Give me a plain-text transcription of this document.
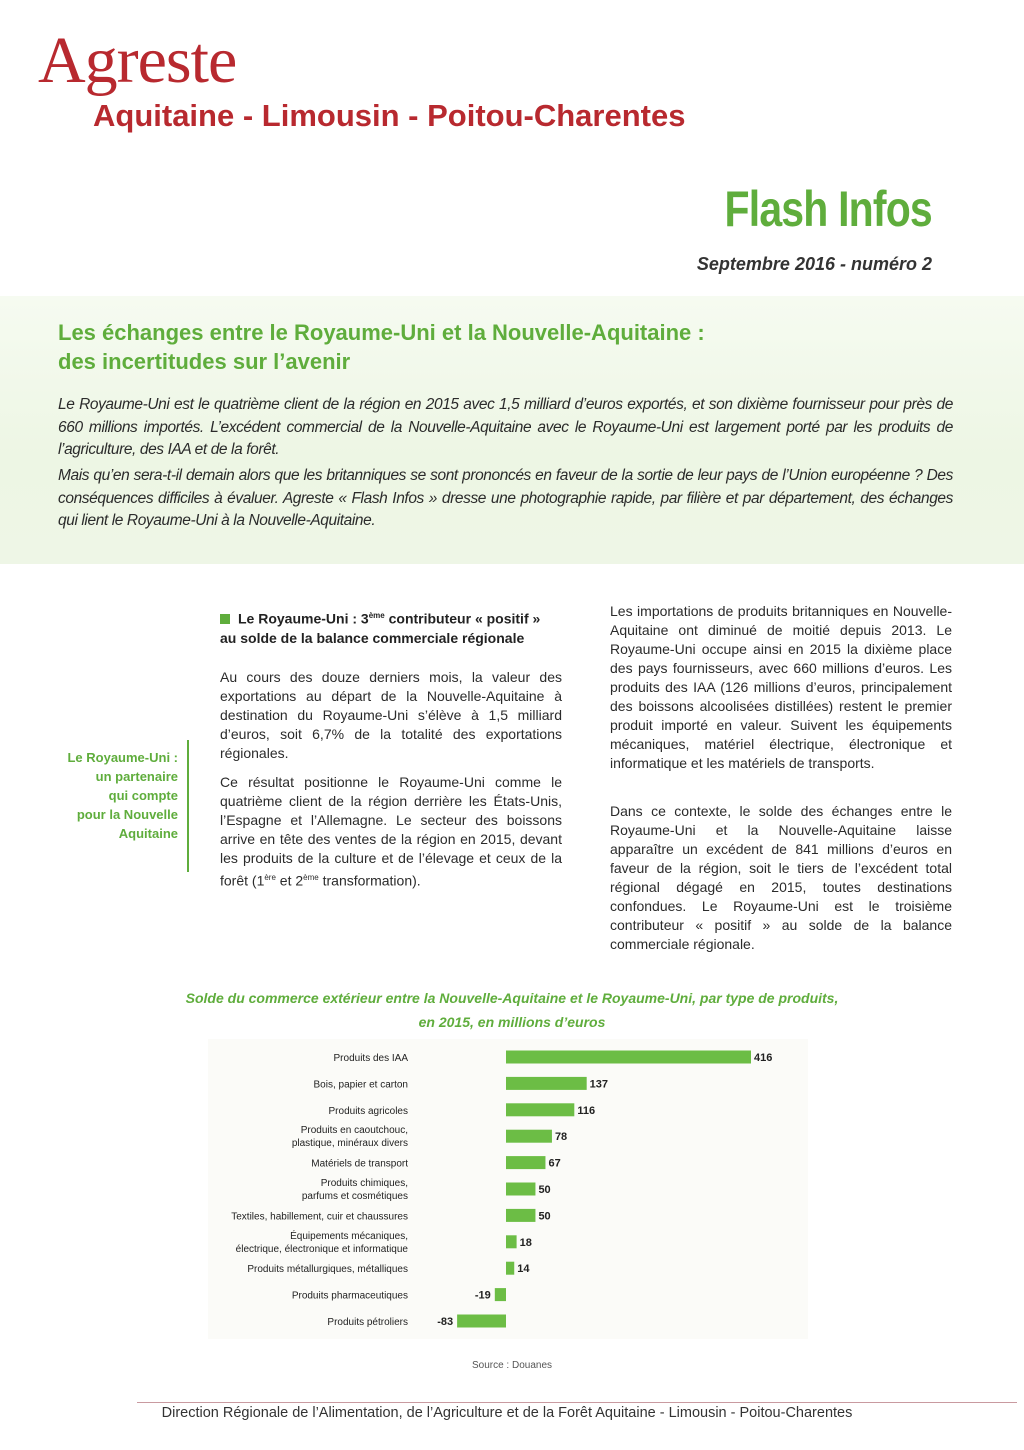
Agreste
Aquitaine - Limousin - Poitou-Charentes
Flash Infos
Septembre 2016 - numéro 2
Les échanges entre le Royaume-Uni et la Nouvelle-Aquitaine :
des incertitudes sur l’avenir
Le Royaume-Uni est le quatrième client de la région en 2015 avec 1,5 milliard d’euros exportés, et son dixième fournisseur pour près de 660 millions importés. L’excédent commercial de la Nouvelle-Aquitaine avec le Royaume-Uni est largement porté par les produits de l’agriculture, des IAA et de la forêt.
Mais qu’en sera-t-il demain alors que les britanniques se sont prononcés en faveur de la sortie de leur pays de l’Union européenne ? Des conséquences difficiles à évaluer. Agreste « Flash Infos » dresse une photographie rapide, par filière et par département, des échanges qui lient le Royaume-Uni à la Nouvelle-Aquitaine.
Le Royaume-Uni :
un partenaire
qui compte
pour la Nouvelle
Aquitaine
Le Royaume-Uni : 3ème contributeur « positif »
au solde de la balance commerciale régionale
Au cours des douze derniers mois, la valeur des exportations au départ de la Nouvelle-Aquitaine à destination du Royaume-Uni s’élève à 1,5 milliard d’euros, soit 6,7% de la totalité des exportations régionales.
Ce résultat positionne le Royaume-Uni comme le quatrième client de la région derrière les États-Unis, l’Espagne et l’Allemagne. Le secteur des boissons arrive en tête des ventes de la région en 2015, devant les produits de la culture et de l’élevage et ceux de la forêt (1ère et 2ème transformation).
Les importations de produits britanniques en Nouvelle-Aquitaine ont diminué de moitié depuis 2013. Le Royaume-Uni occupe ainsi en 2015 la dixième place des pays fournisseurs, avec 660 millions d’euros. Les produits des IAA (126 millions d’euros, principalement des boissons alcoolisées distillées) restent le premier produit importé en valeur. Suivent les équipements mécaniques, matériel électrique, électronique et informatique et les matériels de transports.
Dans ce contexte, le solde des échanges entre le Royaume-Uni et la Nouvelle-Aquitaine laisse apparaître un excédent de 841 millions d’euros en faveur de la région, soit le tiers de l’excédent total régional dégagé en 2015, toutes destinations confondues. Le Royaume-Uni est le troisième contributeur « positif » au solde de la balance commerciale régionale.
Solde du commerce extérieur entre la Nouvelle-Aquitaine et le Royaume-Uni, par type de produits,
en 2015, en millions d’euros
416
Produits des IAA
137
Bois, papier et carton
116
Produits agricoles
78
Produits en caoutchouc, plastique, minéraux divers
67
Matériels de transport
50
Produits chimiques, parfums et cosmétiques
50
Textiles, habillement, cuir et chaussures
18
Équipements mécaniques, électrique, électronique et informatique
14
Produits métallurgiques, métalliques
-19
Produits pharmaceutiques
-83
Produits pétroliers
Source : Douanes
Direction Régionale de l’Alimentation, de l’Agriculture et de la Forêt Aquitaine - Limousin - Poitou-Charentes
